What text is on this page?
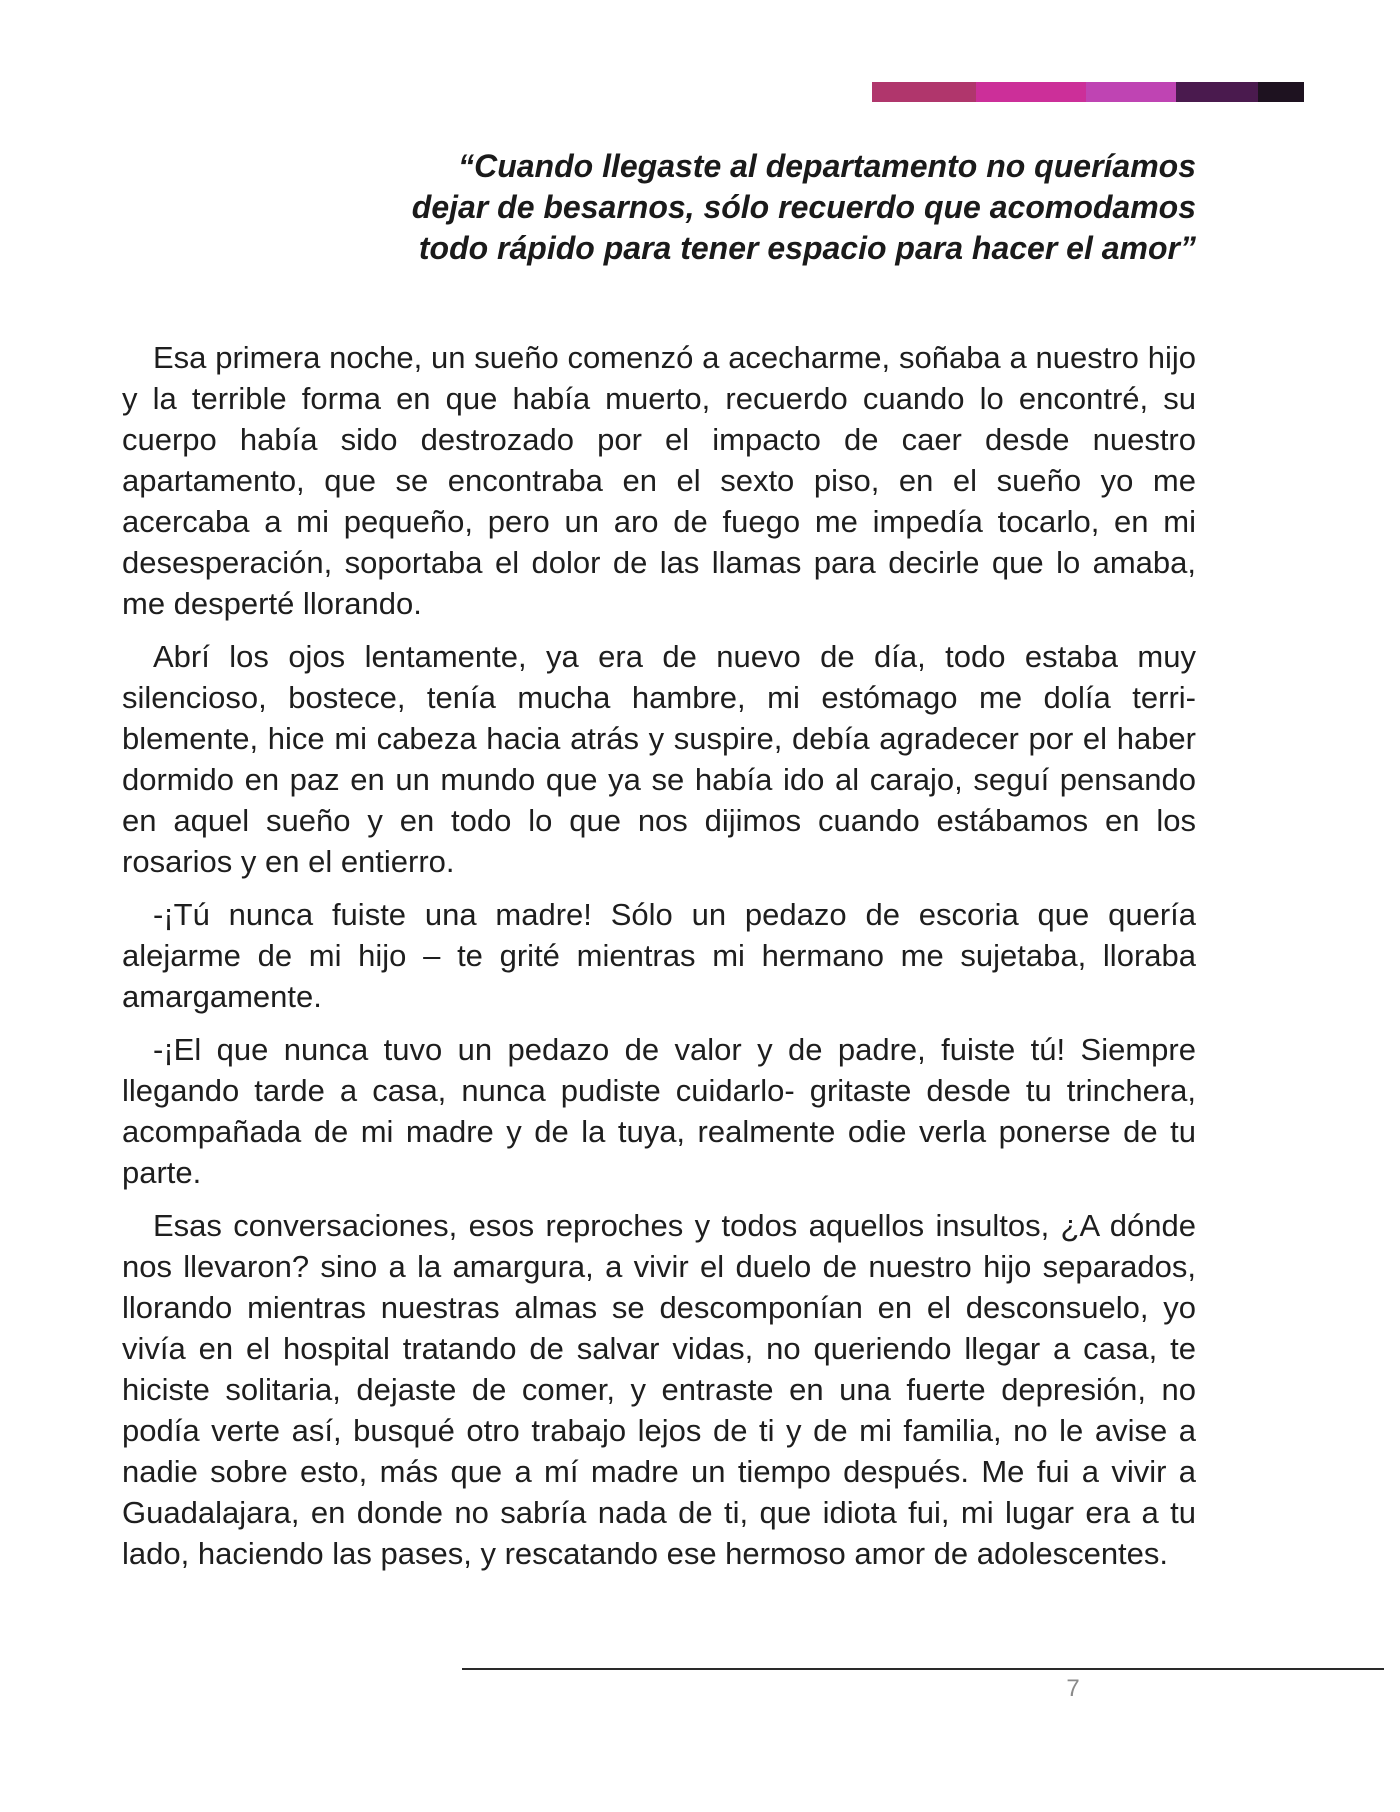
“Cuando llegaste al departamento no queríamos
dejar de besarnos, sólo recuerdo que acomodamos
todo rápido para tener espacio para hacer el amor”

Esa primera noche, un sueño comenzó a acecharme, soñaba a nuestro hijo y la terrible forma en que había muerto, recuerdo cuando lo encontré, su cuerpo había sido destrozado por el impacto de caer desde nuestro apartamento, que se encontraba en el sexto piso, en el sueño yo me acercaba a mi pequeño, pero un aro de fuego me impedía tocarlo, en mi desesperación, soportaba el dolor de las llamas para decirle que lo amaba, me desperté llorando.

Abrí los ojos lentamente, ya era de nuevo de día, todo estaba muy silencioso, bostece, tenía mucha hambre, mi estómago me dolía terriblemente, hice mi cabeza hacia atrás y suspire, debía agradecer por el haber dormido en paz en un mundo que ya se había ido al carajo, seguí pensando en aquel sueño y en todo lo que nos dijimos cuando estábamos en los rosarios y en el entierro.

-¡Tú nunca fuiste una madre! Sólo un pedazo de escoria que quería alejarme de mi hijo – te grité mientras mi hermano me sujetaba, lloraba amargamente.

-¡El que nunca tuvo un pedazo de valor y de padre, fuiste tú! Siempre llegando tarde a casa, nunca pudiste cuidarlo- gritaste desde tu trinchera, acompañada de mi madre y de la tuya, realmente odie verla ponerse de tu parte.

Esas conversaciones, esos reproches y todos aquellos insultos, ¿A dónde nos llevaron? sino a la amargura, a vivir el duelo de nuestro hijo separados, llorando mientras nuestras almas se descomponían en el desconsuelo, yo vivía en el hospital tratando de salvar vidas, no queriendo llegar a casa, te hiciste solitaria, dejaste de comer, y entraste en una fuerte depresión, no podía verte así, busqué otro trabajo lejos de ti y de mi familia, no le avise a nadie sobre esto, más que a mí madre un tiempo después. Me fui a vivir a Guadalajara, en donde no sabría nada de ti, que idiota fui, mi lugar era a tu lado, haciendo las pases, y rescatando ese hermoso amor de adolescentes.

7
